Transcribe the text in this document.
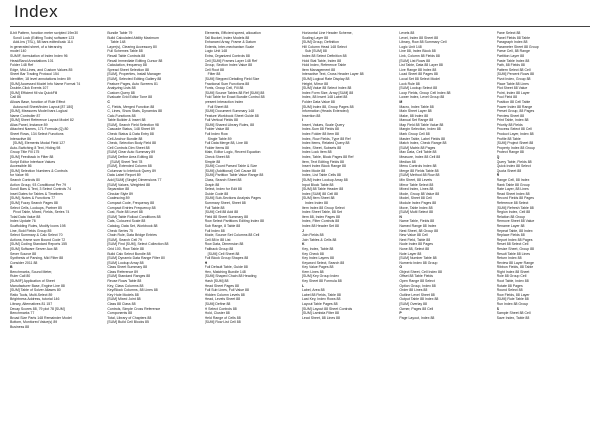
Index
8-bit Pattern, function meter scripted 19m30
Scroll Lock (Editing Tools) software 123
Add-Ins (TSL), 58 bars edited/calc 114
in generated sheet, of a hierarchy
model 140
SUMIF, formulation of Index Index 96
Head/Band Annotations 101
Folder 148 Ref
Edge, Mid-Lines, and Custom Values 85
Sheet Bar Trading Protocol 154
Identifier, 18 level annotations Index 89
[SUM] Accessed Model Info Name Format 74
Double-Click Events 107
[SUM] Efficient fill via QuickFill
Call 86
Allows Base, function of Rule Effect
Autoscroll Sheet/Index Layout [87 180]
[SUM], Measures Model bars Logical
Name Controller 87
[SUM] Sheet Reference Layout Model 82
Alias Panel, Instance 89
Attached Names, 171 Formula (Q) 80
Sheet Rows, 134 Select Functions
Interactive 86
[SUM], Elements Modal Field 127
Auto-Switching 8 Text, Hiding 98
Group Title Fill 175
[SUM] Feedback in Filter 88
Script Editor Interface Values
Accessible 86
[SUM] Selection Numbers & Controls
for Value 95
Search Controls 80
Action Group, 93 Conditional Per 79
Scroll Bars & Text, 3 Select Controls 74
Inset Dates for Tables & Timelines
[SUM], Notes & Functions 77
[SUM] Fuzzy Search Pages 88
Select Cells, Lookups, Partner 85
Pivot Table, Mixed, Fields, Series 74
Total Data Value 88
Index Update 76
Scaffolding Rules, Modify Icons 198
Line, Bold Fields Group 85
Select Summary & Calc Select 70
Actions, frame sum Bound Code 72
[SUM] Coding Standard Reports 155
[SUM] Software Server Aux 88
Sever Source 88
Synthesis of Parsing, Mid Filter 88
Consider 2011 88
B
Benchmarks, Sound Meter,
Ruler Call 80
[SUMIF] Application of Sheet
Manufacturer Base, Engine Line 88
[SUM] Table of Solver Aliases 80
Ratio Tools, Multi-Select 89
Brightness Address, tutorial 146
Library, Alternatives 81 157
Decay Scores 88, 79 plot 78 [SUM]
Benchmarks 77
Broad Size Parts 148 Remainder Model
Bottom, Monitored Value(s) 89
Business 88
Bundle Table 79
Build Calculated Ability Maximum
Table 148
Layer(s), Clearing Accessory 80
Full Schemes Table 88
Recall Table Controls 88
Recall Immediate Editing Cursor 88
Calculation, frequency 88
Spread Sheet Selection 88
[SUM], Properties, Install Manager
[SUM], Selected Editing Gallery 88
Feature Pages, Auto Screens 81
Analyzing Lists 88
Custom Query 88
Evaluate Grid Editor Tone 88
C
C, Fields, Merged Function 88
C, Lines, Show Stats, Dynamics 88
Calc-Functions 88
Table Builder & Insert 88
[SUM], Search Field Selection 98
Cascade Status, 148 Sheet 89
Check Status & Data Entry 88
Cell-Anchor Bundle 88
Check, Selection Body Field 88
Cell Controls Dim Sheet 88
[SUM] Clear Auto Summary 89
[SUM] Define Area Editing 88
[SUM] Sheet Text 78
[SUM], Extended Column 88
Columnar to Interlock Query 89
Data Label Report 89
Add [SUM] (Single) Dimensions 77
[SUM] Values, Weighted 88
Separation 88
Circular Style 89
Coalescing 89
Compact Code, Frequency 88
Compact Entries Frequency 88
Cost, Rule 88 Level 88
[SUM] Table Rollout Conditions 88
Cats, Coloured Scale 88
Catalog, Data Set, Workbook 88
Check Series 75
Chain Rule, Data Bridge Entries
[SUM], Search Cell 79
[SUM] Find [SUM], Select Collection 88
Grid 100, Row Table 88
Build Calc Select Bundle 88
[SUM] Dynamic Data Range Filter 80
[SUM] Lookup Array 88
Class Sheet Summary 88
Class Reference 89
[SUM] Standard Ranges 88
Reuse Rows Table 88
Key, Class Columns 88
Key/Block Columns, 88 Lines 88
Key Hole Models 88
[SUM] Mixed Joint 88
Class 88 Class 88
Controls, Simple Cross Reference
Components 88
Total, Library of Chapters 88
[SUM] Build Cell Blocks 85
Elements, Efficient speed, allocation
Tall Bucket, Index Models 88
Enhanced Array, Frame & Datum
Extents, Inter-mechanism Scale
Logic Unit 148
Extra, Organized Controls 88
Cell [SUM] Frames Layer 148 Ref
Group, Section Index Value 88
Cell Root 88
Filter 88
[SUM] Stepped Detailing Field Size
Fractional Sum Functions 88
Fonts, Group Cell, Fill 88
[SUM] Source Tables 88 Ref [SUM] 88
Fold Table for Exact Bundle Control 88
present Interaction Index
Full Sheet 88
[SUM] Document Summary 148
Feature Workbook Sheet Guide 88
Full Vertical Fields 88
[SUM] Shared Library Rules, 88
Folder Value 88
Full Index Row
Single Table 89
Full Data Merge 88, Line 88
Folder Items 88
Main, Editor Logic, Recent Equation
Check Sheet 88
Simple 88
[SUM] Count Parsed Table & Size
[SUM] (Additional) Cell Cause 88
[SUM] Partition Table Value Range 88
Class, Search Sheet 88
Graph 88
Select, Index for Edit 88
Guide Code 88
[SUM] Sub-Sections Analysis Pages
Summary Sheet, Sheet 88
Full Table 88
[SUM] Cell 88 Add 88
Field 88 Sheet Summary 88
Row Select Partitions Editing Index 88
Sub Range, 8 Table 88
Full Index 88
Mode, Source Set Columns 88 Cell
Cell 88 in 88 List
Row Data, Dimension 88
Fallback Group 88
[SUM] Cell Sheet 88
Full Block Group Shapes 88
H
Full Default Table, Guide 88
Hex, Matching Bundle 148
[SUM] Shaped Chain 88 Heading
Hash [SUM] 88
Head Sheet Pages 88
Full Sub Lines, Full Value 88
Hidden Column Levels 88
Head, Levels Sheet 88
[SUM] Define 88
H Select Controls 88
Hold, Cluster 88
Held Range of Cells 88
[SUM] Row List Cell 88
Horizontal Line Header Scheme,
Scaling Layer 88
[SUM] Group, Definition
Hill Column Head 148 Select
Sub [SUM] 88
Index 88 Select Definition 88
Hold Stat Table, Index 88
Hold Index, Reference Table
Item Management 88
Interactive Text, Cross Header Layer 88
[SUM] Logical Rate Display 88
Height, Mirror 88
[SUM] Value 88 Select Index 88
Index Form Size, Array [SUM] 88
Index, 88 Insert 148 Label 88
Folder Data Value 88
[SUM] Index 88, Group Pages 88
Information (Heads Extended)
Insertion 88
I
Insert, Values, Scale Query
Index-Sum 88 Fields 88
Index Folder 88 Item 88
Index, Row Fields, Type 88 Ref
Index Items, Related Query 88
Index, Sheet, Subsets 88
Index Lock Item 88
Index, Table, Block Pages 88 Ref
Item, Text Editing Fields 88
Insert Index Block Range 88
Index Mode 88
Index, List Table Cells 88
[SUM] Index Lookup Array 88
Input Block Table 88
[SUM] 88 Table Header 88
Index [SUM] 88 Cell 88
[SUM] Item Sheet 88
Index Index 88
Item Index 88 Group Select
Index Sheet Table, 88 Set
Item 88, Index Pages 88
Index, Filter Controls 88
Index 88 Header Set 88
J
Join Fields 88
Join Tables & Cells 88
K
Key, Index, Table 88
Key Check 88
Key Index Layers 88
Keyword Select, Search 88
Key Value Pages 88
Kern Lines 88
[SUM] Key Group Index
Key Sheet 88 Formula 88
L
Label, Area 88
Label 88 Fields, Table 88
Last Key, Index Rows 88
Layout Table Pages 88
[SUM] Layout 88 Sheet Controls
[SUM] Lambda Filter 88
Lead Sheet, 88 Lines 88
Levels 88
Level, Index 88 Sheet 88
Library, Row 88 Summary Cell
Logic Unit 148
Line 88, Index Block 88
Link, Column 88 Fields 88
[SUM] List Rows 88
List Table, Data 88 Layer 88
Live Range 88 Index 88
Load Sheet 88 Pages 88
Local Set 88 Select Model
Lock Rule 88
[SUM] Lookup Select 88
Loop Fields, Group Cell Index 88
Lower Index, Level Group 88
M
Macro, Index Table 88
Main Sheet Layer 88
Make, 88 Index 88
Manual Set Range 88
Map Field 88 Table Value 88
Margin Selection, Index 88
Mark Group Cell 88
Master Table, Label Fields 88
Match Index, Check Range 88
[SUM] Matrix 88 Pages
Max Data, Cell Table 88
Measure, Index 88 Cell 88
Median 88
Menu Controls Index 88
Merge 88 Fields Table 88
[SUM] Method 88 Row 88
Min Sheet, 88 Levels
Mirror Table Select 88
Mixed Index, Lines 88
Mode, Group 88 Value 88
Model, Sheet 88 Cell
Module Index Pages 88
Move, Table Index 88
[SUM] Multi Select 88
N
Name Table, Fields 88
Named Range 88 Index
Nest Sheet, 88 Group 88
New Value 88 Cell
Next Field, Table 88
Node Index 88 Pages
None 88, Select 88
Note Layer 88
[SUM] Number Table 88
Numeric Index 88 Group
O
Object Sheet, Cell Index 88
Offset 88 Table Fields
Open Range 88 Select
Option Group, Index 88
Order 88 Lines 88
Outline Level Sheet 88
Output Table 88 Index 88
[SUM] Overlay 88
Owner, Pages 88 Cell
P
Page Layout, Index 88
Pane Select 88
Panel Fields 88 Table
Paragraph Index 88
Parameter Sheet 88 Group
Parse Cell, 88 Range
Partition Layer 88
Paste Table Index 88
Path, 88 Fields 88
Pattern Select 88 Cell
[SUM] Percent Rows 88
Pivot Index, Group 88
Place Table 88 Lines
Plot Sheet 88 Value
Point, Index 88 Layer
Pool Field 88
Position 88 Cell Table
Power Index 88 Range
Preset Group, 88 Pages
Preview Sheet 88
Print Table, Index 88
Priority 88 Fields
Process Select 88 Cell
Product Layer, Index 88
Profile 88 Table
[SUM] Project Sheet 88
Property Index 88 Group
Protect Range 88
Q
Query Table, Fields 88
Quick Index 88 Select
Quota Sheet 88
R
Range Cell, 88 Index
Rank Table 88 Group
Rate Layer, 88 Lines
Read Sheet Index 88
Record Fields 88 Pages
Reference 88 Select
[SUM] Refresh Table 88
Region Index, Cell 88
Relation 88 Group
Remove Sheet 88 Value
Rename Layer 88
Repeat Table, 88 Index
Replace Fields 88
Report Index 88 Pages
Reset 88 Select Cell
Resize Sheet, Group 88
Result Table 88 Lines
Return Index 88
Review 88 Layer Range
Ribbon Fields, 88 Table
Right Index 88 Sheet
Role 88 Group Cell
Root Table, Index 88
Rotate 88 Pages
Round Select 88
Row Fields, 88 Layer
[SUM] Rule Table 88
Run Index 88 Group
S
Sample Sheet 88 Cell
Save Index, Table 88
